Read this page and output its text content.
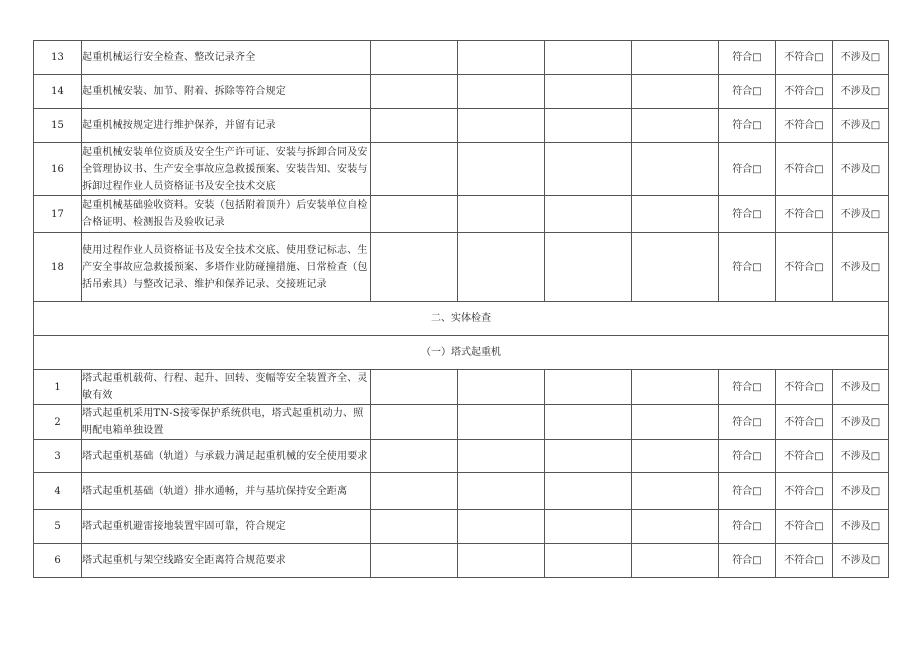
13	起重机械运行安全检查、整改记录齐全					符合□	不符合□	不涉及□
14	起重机械安装、加节、附着、拆除等符合规定					符合□	不符合□	不涉及□
15	起重机械按规定进行维护保养，并留有记录					符合□	不符合□	不涉及□
16	起重机械安装单位资质及安全生产许可证、安装与拆卸合同及安全管理协议书、生产安全事故应急救援预案、安装告知、安装与拆卸过程作业人员资格证书及安全技术交底					符合□	不符合□	不涉及□
17	起重机械基础验收资料。安装（包括附着顶升）后安装单位自检合格证明、检测报告及验收记录					符合□	不符合□	不涉及□
18	使用过程作业人员资格证书及安全技术交底、使用登记标志、生产安全事故应急救援预案、多塔作业防碰撞措施、日常检查（包括吊索具）与整改记录、维护和保养记录、交接班记录					符合□	不符合□	不涉及□
二、实体检查								
（一）塔式起重机								
1	塔式起重机载荷、行程、起升、回转、变幅等安全装置齐全、灵敏有效					符合□	不符合□	不涉及□
2	塔式起重机采用TN-S接零保护系统供电，塔式起重机动力、照明配电箱单独设置					符合□	不符合□	不涉及□
3	塔式起重机基础（轨道）与承载力满足起重机械的安全使用要求					符合□	不符合□	不涉及□
4	塔式起重机基础（轨道）排水通畅，并与基坑保持安全距离					符合□	不符合□	不涉及□
5	塔式起重机避雷接地装置牢固可靠，符合规定					符合□	不符合□	不涉及□
6	塔式起重机与架空线路安全距离符合规范要求					符合□	不符合□	不涉及□
